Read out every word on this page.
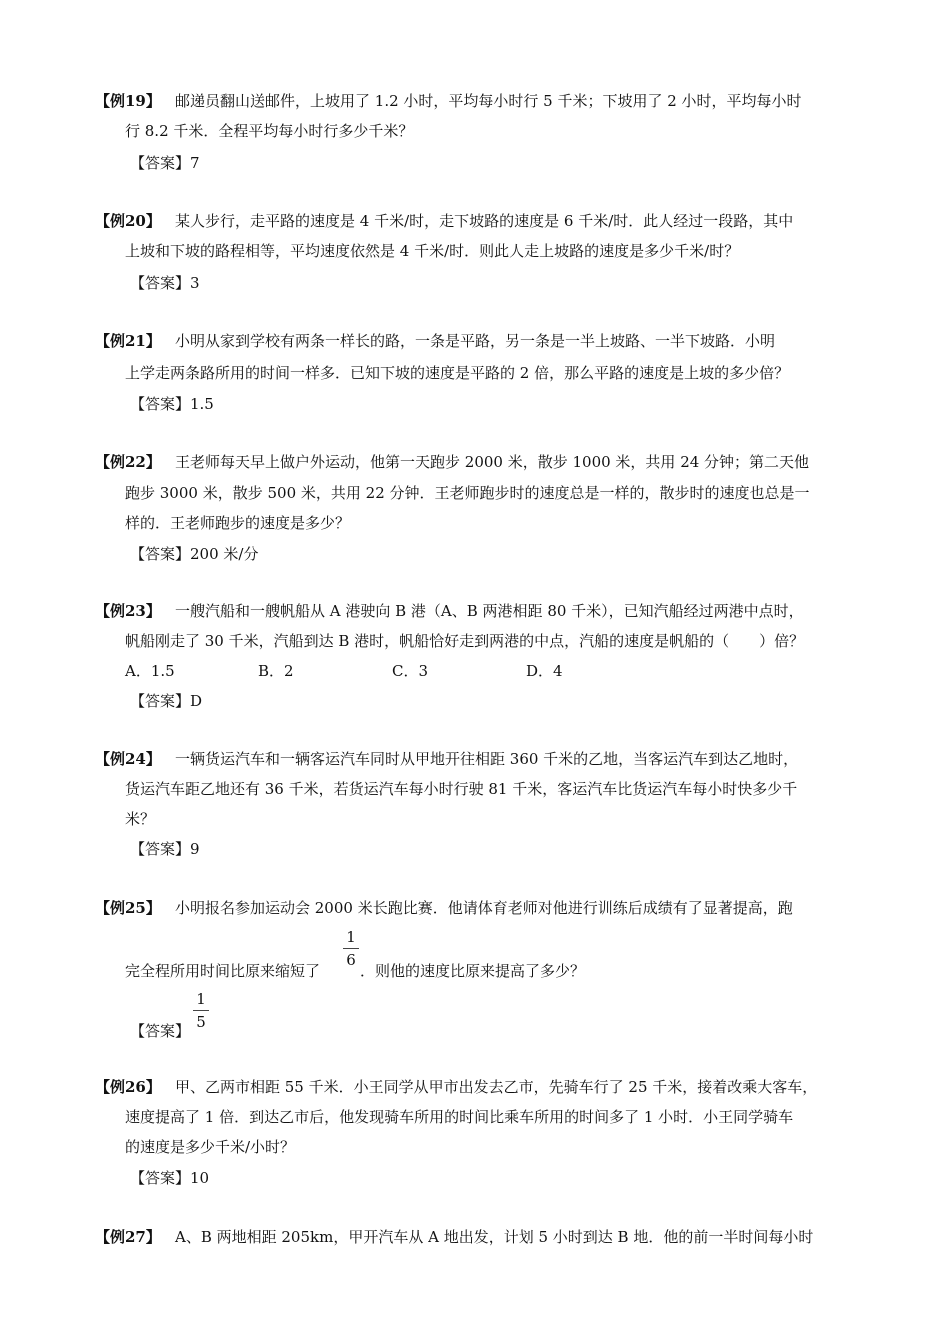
【例19】 邮递员翻山送邮件，上坡用了 1.2 小时，平均每小时行 5 千米；下坡用了 2 小时，平均每小时
行 8.2 千米．全程平均每小时行多少千米？
【答案】 7
【例20】 某人步行，走平路的速度是 4 千米/时，走下坡路的速度是 6 千米/时．此人经过一段路，其中
上坡和下坡的路程相等，平均速度依然是 4 千米/时．则此人走上坡路的速度是多少千米/时？
【答案】 3
【例21】 小明从家到学校有两条一样长的路，一条是平路，另一条是一半上坡路、一半下坡路．小明
上学走两条路所用的时间一样多．已知下坡的速度是平路的 2 倍，那么平路的速度是上坡的多少倍？
【答案】 1.5
【例22】 王老师每天早上做户外运动，他第一天跑步 2000 米，散步 1000 米，共用 24 分钟；第二天他
跑步 3000 米，散步 500 米，共用 22 分钟．王老师跑步时的速度总是一样的，散步时的速度也总是一
样的．王老师跑步的速度是多少？
【答案】 200 米/分
【例23】 一艘汽船和一艘帆船从 A 港驶向 B 港（A、B 两港相距 80 千米），已知汽船经过两港中点时，
帆船刚走了 30 千米，汽船到达 B 港时，帆船恰好走到两港的中点，汽船的速度是帆船的（　　）倍？
A．1.5	B．2	C．3	D．4
【答案】 D
【例24】 一辆货运汽车和一辆客运汽车同时从甲地开往相距 360 千米的乙地，当客运汽车到达乙地时，
货运汽车距乙地还有 36 千米，若货运汽车每小时行驶 81 千米，客运汽车比货运汽车每小时快多少千
米？
【答案】 9
【例25】 小明报名参加运动会 2000 米长跑比赛．他请体育老师对他进行训练后成绩有了显著提高，跑
完全程所用时间比原来缩短了
1
6
．则他的速度比原来提高了多少？
【答案】
1
5
【例26】 甲、乙两市相距 55 千米．小王同学从甲市出发去乙市，先骑车行了 25 千米，接着改乘大客车，
速度提高了 1 倍．到达乙市后，他发现骑车所用的时间比乘车所用的时间多了 1 小时．小王同学骑车
的速度是多少千米/小时？
【答案】 10
【例27】 A、B 两地相距 205km，甲开汽车从 A 地出发，计划 5 小时到达 B 地．他的前一半时间每小时
